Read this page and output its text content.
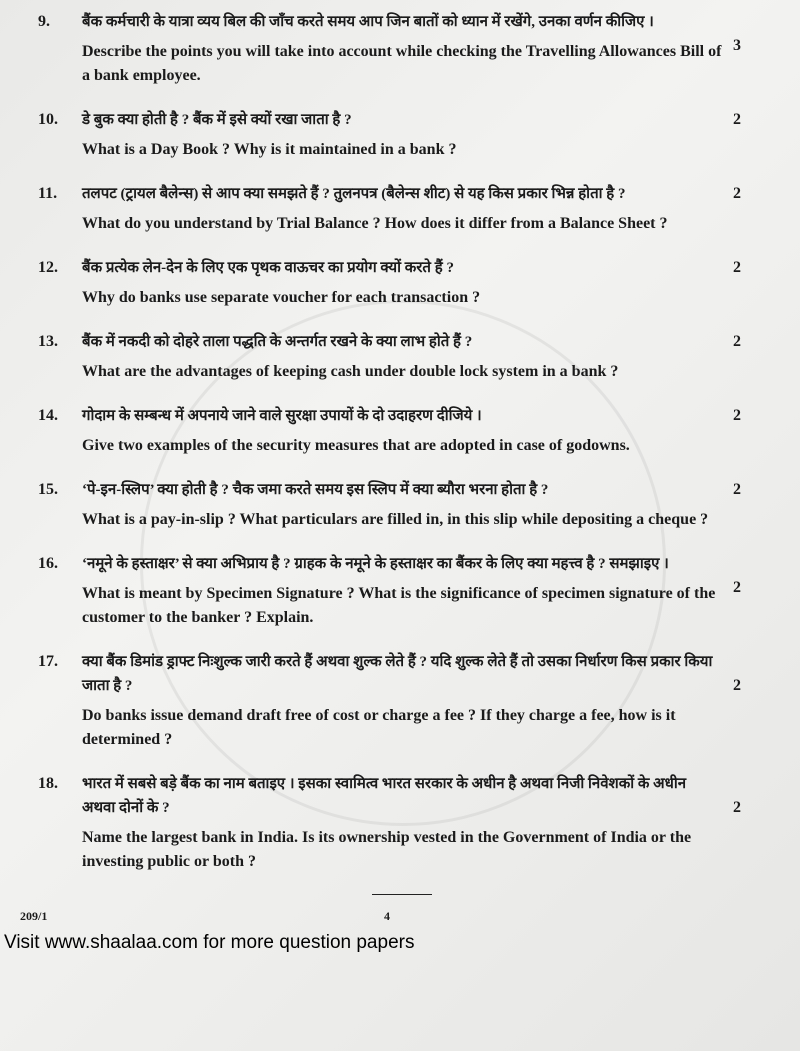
9. बैंक कर्मचारी के यात्रा व्यय बिल की जाँच करते समय आप जिन बातों को ध्यान में रखेंगे, उनका वर्णन कीजिए ।
Describe the points you will take into account while checking the Travelling Allowances Bill of a bank employee.
3
10. डे बुक क्या होती है ? बैंक में इसे क्यों रखा जाता है ?
What is a Day Book ? Why is it maintained in a bank ?
2
11. तलपट (ट्रायल बैलेन्स) से आप क्या समझते हैं ? तुलनपत्र (बैलेन्स शीट) से यह किस प्रकार भिन्न होता है ?
What do you understand by Trial Balance ? How does it differ from a Balance Sheet ?
2
12. बैंक प्रत्येक लेन-देन के लिए एक पृथक वाऊचर का प्रयोग क्यों करते हैं ?
Why do banks use separate voucher for each transaction ?
2
13. बैंक में नकदी को दोहरे ताला पद्धति के अन्तर्गत रखने के क्या लाभ होते हैं ?
What are the advantages of keeping cash under double lock system in a bank ?
2
14. गोदाम के सम्बन्ध में अपनाये जाने वाले सुरक्षा उपायों के दो उदाहरण दीजिये ।
Give two examples of the security measures that are adopted in case of godowns.
2
15. ‘पे-इन-स्लिप’ क्या होती है ? चैक जमा करते समय इस स्लिप में क्या ब्यौरा भरना होता है ?
What is a pay-in-slip ? What particulars are filled in, in this slip while depositing a cheque ?
2
16. ‘नमूने के हस्ताक्षर’ से क्या अभिप्राय है ? ग्राहक के नमूने के हस्ताक्षर का बैंकर के लिए क्या महत्त्व है ? समझाइए ।
What is meant by Specimen Signature ? What is the significance of specimen signature of the customer to the banker ? Explain.
2
17. क्या बैंक डिमांड ड्राफ्ट निःशुल्क जारी करते हैं अथवा शुल्क लेते हैं ? यदि शुल्क लेते हैं तो उसका निर्धारण किस प्रकार किया जाता है ?
Do banks issue demand draft free of cost or charge a fee ? If they charge a fee, how is it determined ?
2
18. भारत में सबसे बड़े बैंक का नाम बताइए । इसका स्वामित्व भारत सरकार के अधीन है अथवा निजी निवेशकों के अधीन अथवा दोनों के ?
Name the largest bank in India. Is its ownership vested in the Government of India or the investing public or both ?
2
209/1	4
Visit www.shaalaa.com for more question papers
